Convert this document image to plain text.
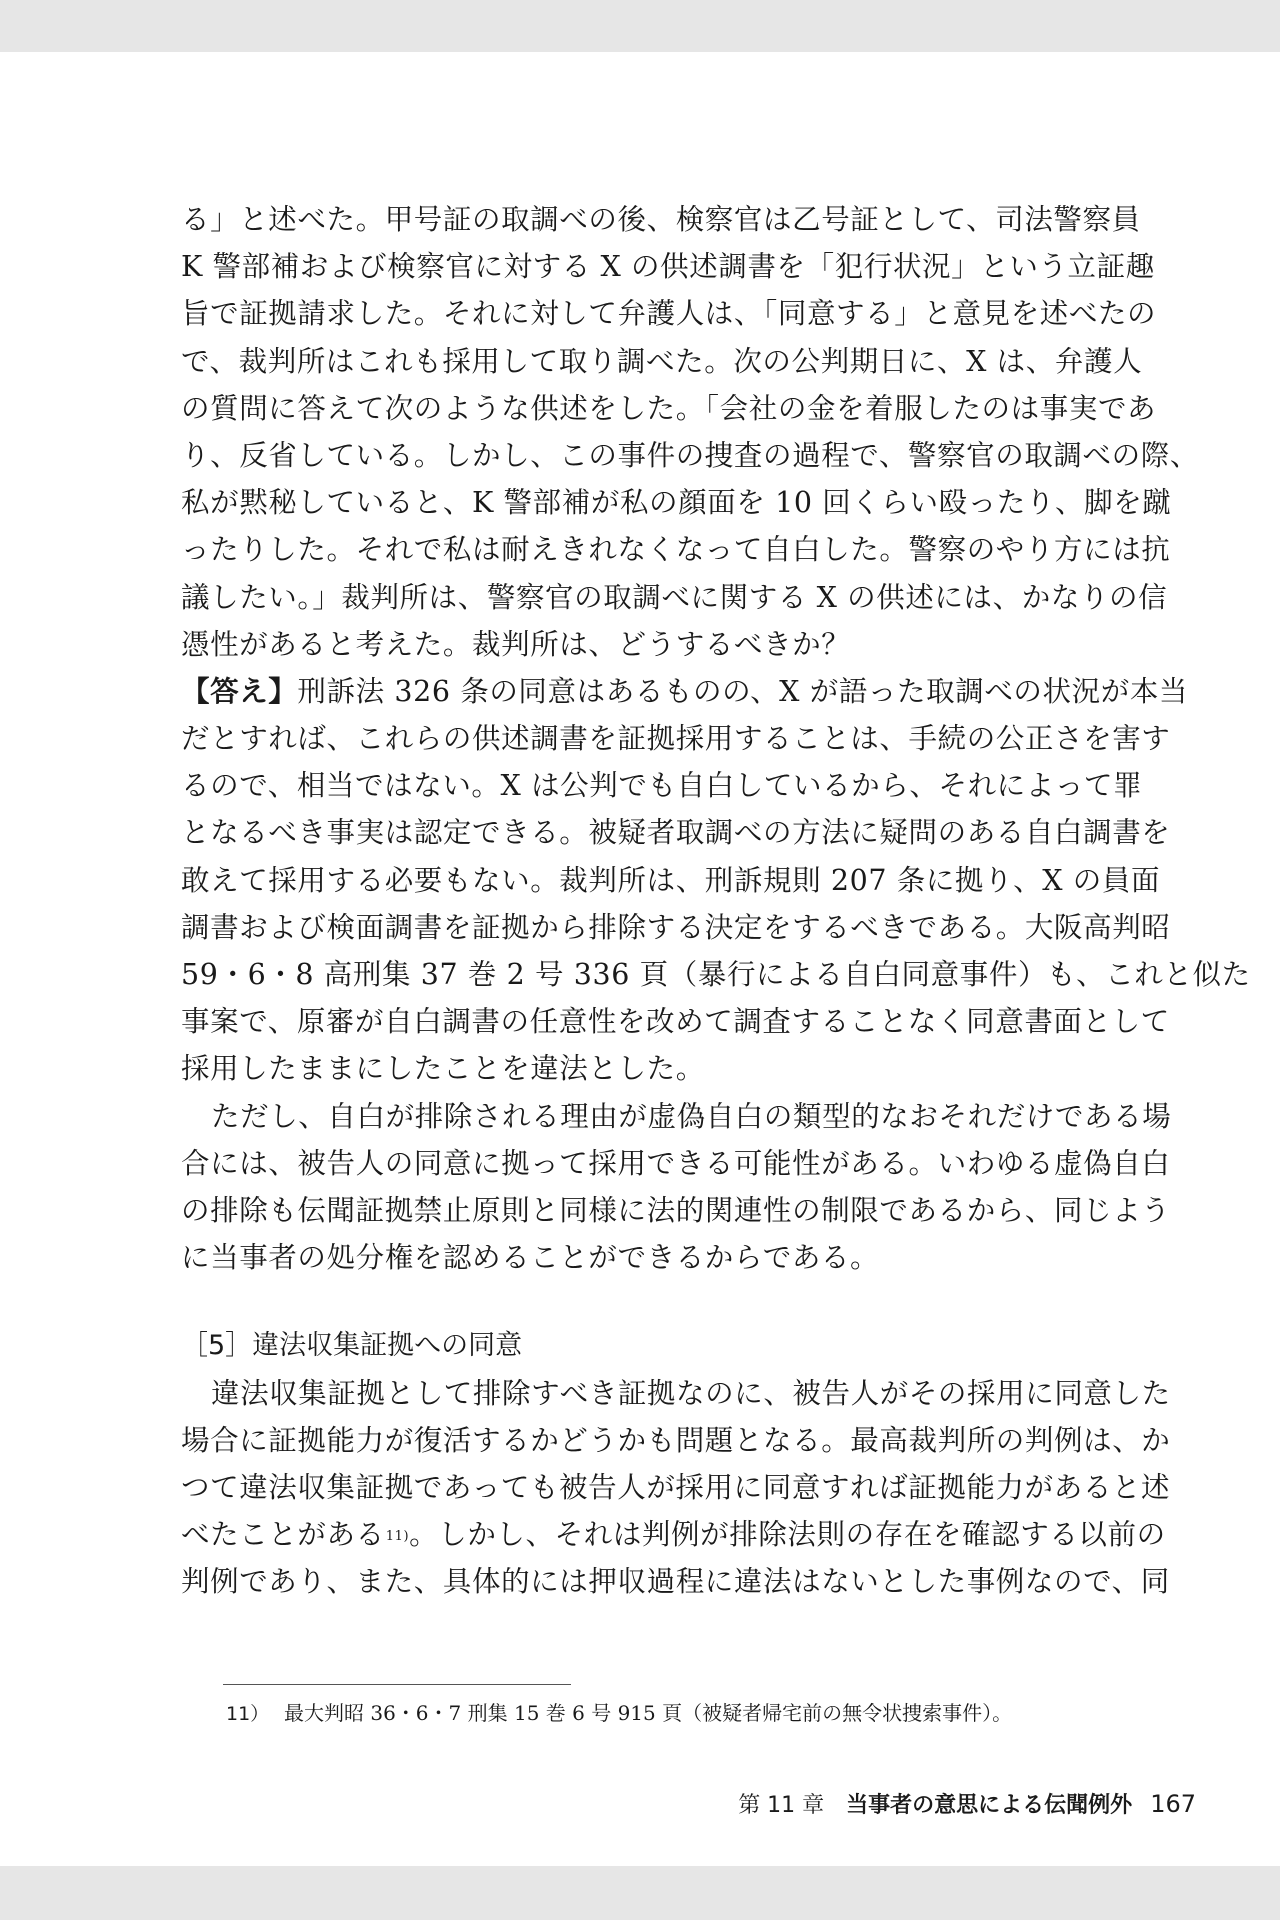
る」と述べた。甲号証の取調べの後、検察官は乙号証として、司法警察員
K 警部補および検察官に対する X の供述調書を「犯行状況」という立証趣
旨で証拠請求した。それに対して弁護人は、「同意する」と意見を述べたの
で、裁判所はこれも採用して取り調べた。次の公判期日に、X は、弁護人
の質問に答えて次のような供述をした。「会社の金を着服したのは事実であ
り、反省している。しかし、この事件の捜査の過程で、警察官の取調べの際、
私が黙秘していると、K 警部補が私の顔面を 10 回くらい殴ったり、脚を蹴
ったりした。それで私は耐えきれなくなって自白した。警察のやり方には抗
議したい。」裁判所は、警察官の取調べに関する X の供述には、かなりの信
憑性があると考えた。裁判所は、どうするべきか？
【答え】刑訴法 326 条の同意はあるものの、X が語った取調べの状況が本当
だとすれば、これらの供述調書を証拠採用することは、手続の公正さを害す
るので、相当ではない。X は公判でも自白しているから、それによって罪
となるべき事実は認定できる。被疑者取調べの方法に疑問のある自白調書を
敢えて採用する必要もない。裁判所は、刑訴規則 207 条に拠り、X の員面
調書および検面調書を証拠から排除する決定をするべきである。大阪高判昭
59・6・8 高刑集 37 巻 2 号 336 頁（暴行による自白同意事件）も、これと似た
事案で、原審が自白調書の任意性を改めて調査することなく同意書面として
採用したままにしたことを違法とした。
ただし、自白が排除される理由が虚偽自白の類型的なおそれだけである場
合には、被告人の同意に拠って採用できる可能性がある。いわゆる虚偽自白
の排除も伝聞証拠禁止原則と同様に法的関連性の制限であるから、同じよう
に当事者の処分権を認めることができるからである。
［5］違法収集証拠への同意
違法収集証拠として排除すべき証拠なのに、被告人がその採用に同意した
場合に証拠能力が復活するかどうかも問題となる。最高裁判所の判例は、か
つて違法収集証拠であっても被告人が採用に同意すれば証拠能力があると述
べたことがある$^{11)}$。しかし、それは判例が排除法則の存在を確認する以前の
判例であり、また、具体的には押収過程に違法はないとした事例なので、同
11） 最大判昭 36・6・7 刑集 15 巻 6 号 915 頁（被疑者帰宅前の無令状捜索事件）。
第 11 章 当事者の意思による伝聞例外 167
